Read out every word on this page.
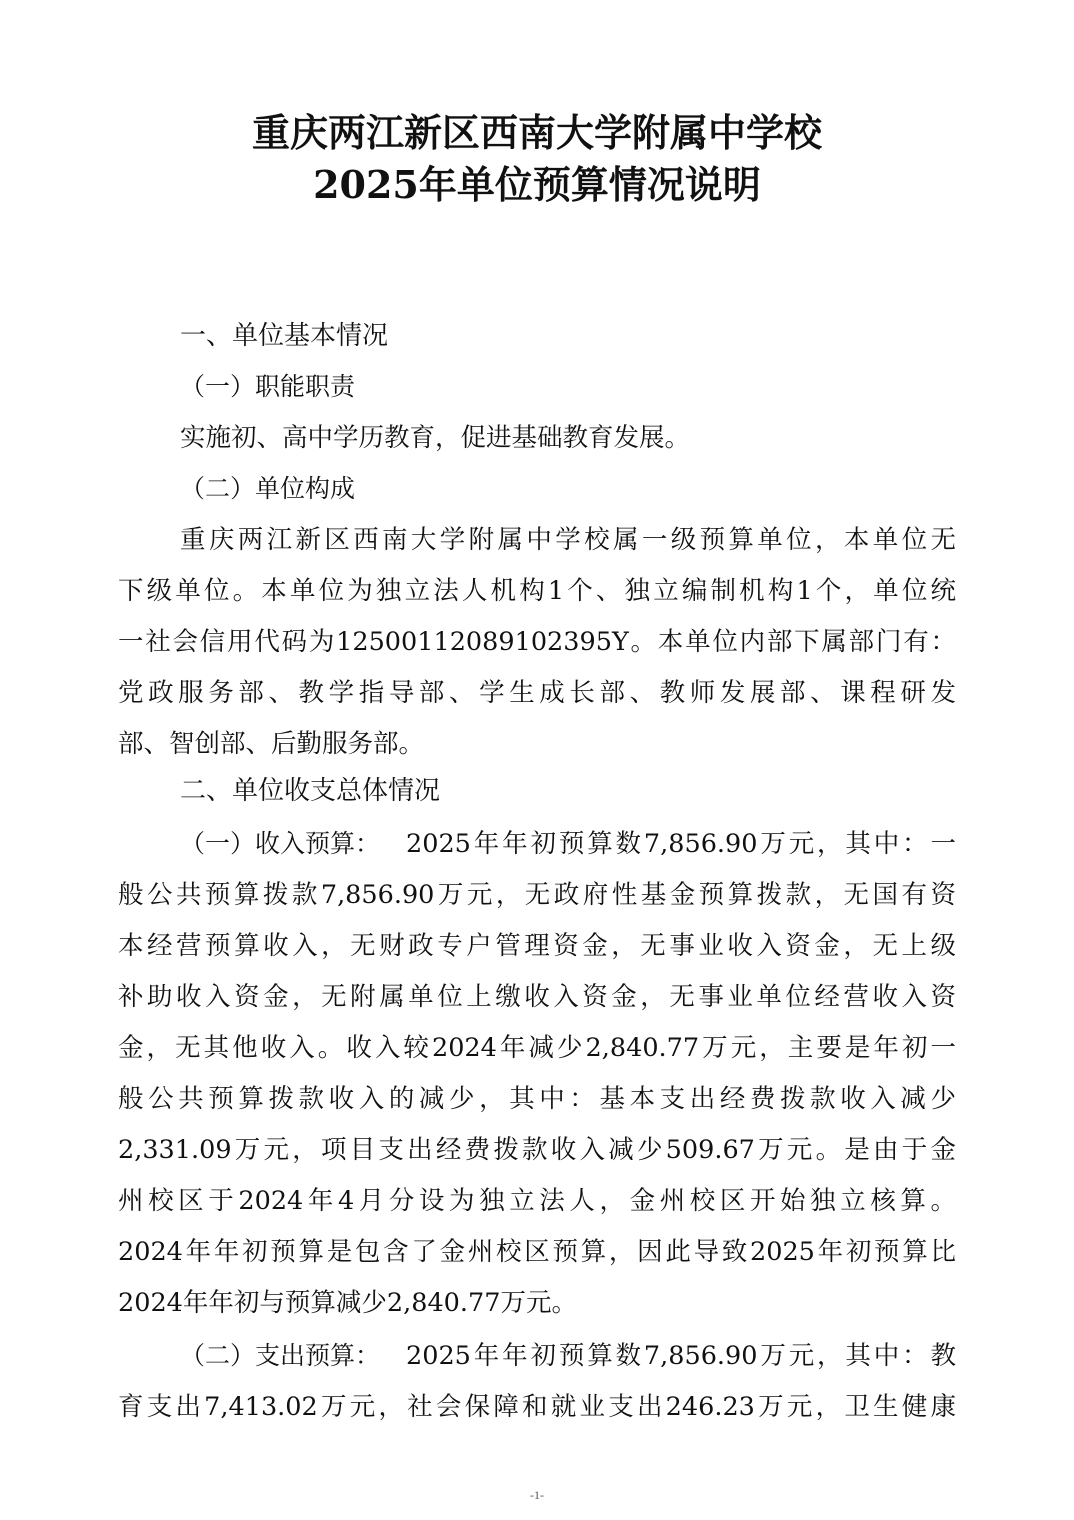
重庆两江新区西南大学附属中学校
2025年单位预算情况说明
一、单位基本情况
（一）职能职责
实施初、高中学历教育，促进基础教育发展。
（二）单位构成
重庆两江新区西南大学附属中学校属一级预算单位，本单位无
下级单位。本单位为独立法人机构1个、独立编制机构1个，单位统
一社会信用代码为12500112089102395Y。本单位内部下属部门有：
党政服务部、教学指导部、学生成长部、教师发展部、课程研发
部、智创部、后勤服务部。
二、单位收支总体情况
（一）收入预算： 2025年年初预算数7,856.90万元，其中：一
般公共预算拨款7,856.90万元，无政府性基金预算拨款，无国有资
本经营预算收入，无财政专户管理资金，无事业收入资金，无上级
补助收入资金，无附属单位上缴收入资金，无事业单位经营收入资
金，无其他收入。收入较2024年减少2,840.77万元，主要是年初一
般公共预算拨款收入的减少，其中：基本支出经费拨款收入减少
2,331.09万元，项目支出经费拨款收入减少509.67万元。是由于金
州校区于2024年4月分设为独立法人，金州校区开始独立核算。
2024年年初预算是包含了金州校区预算，因此导致2025年初预算比
2024年年初与预算减少2,840.77万元。
（二）支出预算： 2025年年初预算数7,856.90万元，其中：教
育支出7,413.02万元，社会保障和就业支出246.23万元，卫生健康
-1-
